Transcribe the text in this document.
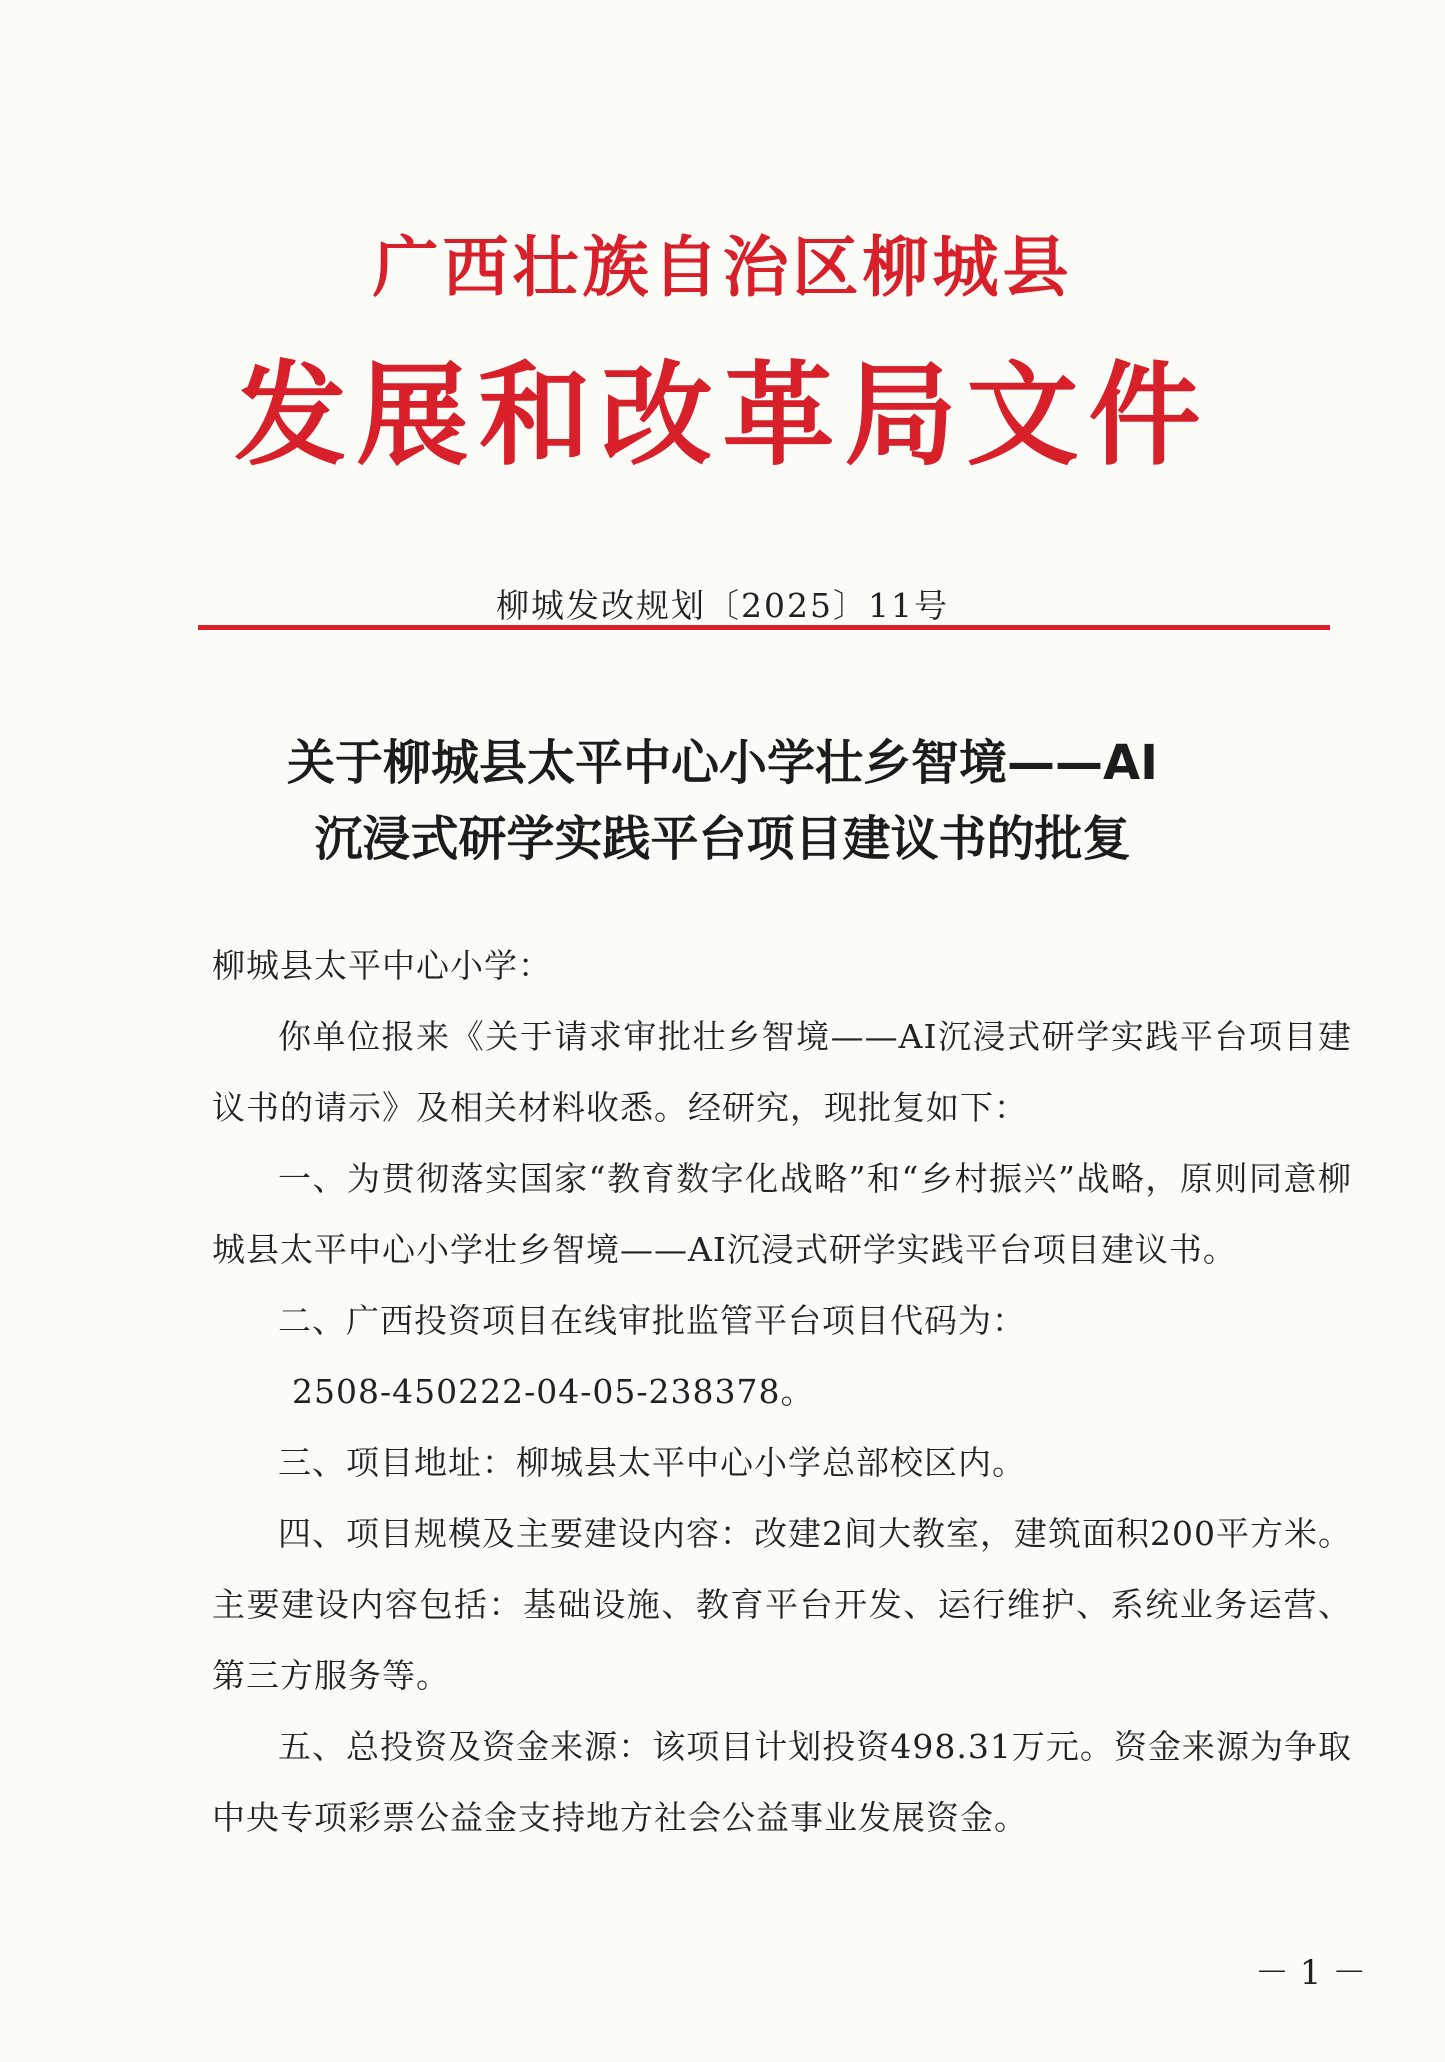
广西壮族自治区柳城县
发展和改革局文件
柳城发改规划〔2025〕11号
关于柳城县太平中心小学壮乡智境——AI
沉浸式研学实践平台项目建议书的批复

柳城县太平中心小学：

你单位报来《关于请求审批壮乡智境——AI沉浸式研学实践平台项目建议书的请示》及相关材料收悉。经研究，现批复如下：

一、为贯彻落实国家“教育数字化战略”和“乡村振兴”战略，原则同意柳城县太平中心小学壮乡智境——AI沉浸式研学实践平台项目建议书。

二、广西投资项目在线审批监管平台项目代码为：

2508-450222-04-05-238378。

三、项目地址：柳城县太平中心小学总部校区内。

四、项目规模及主要建设内容：改建2间大教室，建筑面积200平方米。主要建设内容包括：基础设施、教育平台开发、运行维护、系统业务运营、第三方服务等。

五、总投资及资金来源：该项目计划投资498.31万元。资金来源为争取中央专项彩票公益金支持地方社会公益事业发展资金。

－ 1 －
